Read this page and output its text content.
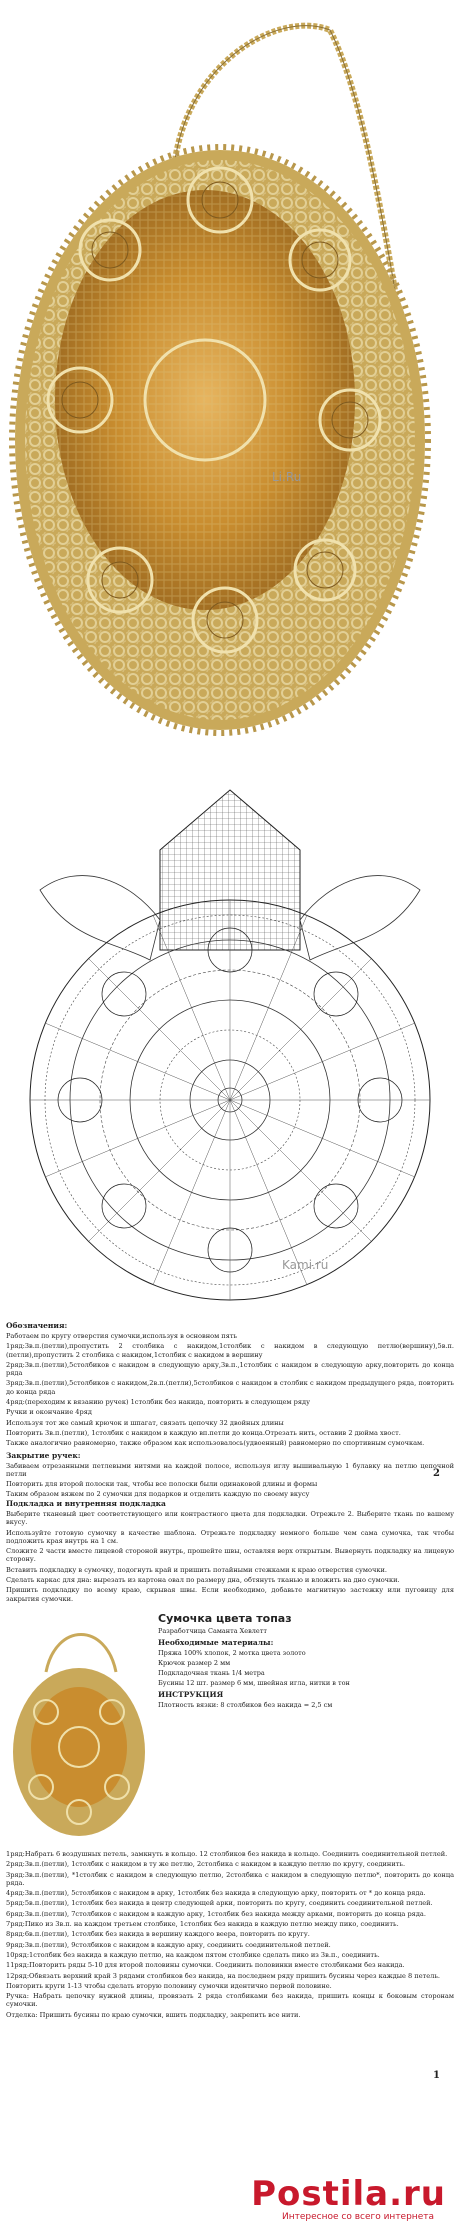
Li.Ru
Kami.ru
Обозначения:

Работаем по кругу отверстия сумочки,используя в основном пять

1ряд:3в.п.(петли),пропустить 2 столбика с накидом,1столбик с накидом в следующую петлю(вершину),5в.п.(петли),пропустить 2 столбика с накидом,1столбик с накидом в вершину

2ряд:3в.п.(петли),5столбиков с накидом в следующую арку,3в.п.,1столбик с накидом в следующую арку,повторить до конца ряда

3ряд:3в.п.(петли),5столбиков с накидом,2в.п.(петли),5столбиков с накидом в столбик с накидом предыдущего ряда, повторить до конца ряда

4ряд:(переходим к вязанию ручек) 1столбик без накида, повторить в следующем ряду

Ручки и окончание 4ряд

Используя тот же самый крючок и шпагат, связать цепочку 32 двойных длины

Повторить 3в.п.(петли), 1столбик с накидом в каждую вп.петли до конца.Отрезать нить, оставив 2 дюйма хвост.

Также аналогично равномерно, также образом как использовалось(удвоенный) равномерно по спортивным сумочкам.

Закрытие ручек:

Забиваем отрезанными петлевыми нитями на каждой полосе, используя иглу вышивальную 1 булавку на петлю цепочной петли

Повторить для второй полоски так, чтобы все полоски были одинаковой длины и формы

Таким образом вяжем по 2 сумочки для подарков и отделить каждую по своему вкусу

2
Подкладка и внутренняя подкладка

Выберите тканевый цвет соответствующего или контрастного цвета для подкладки. Отрежьте 2. Выберите ткань по вашему вкусу.

Используйте готовую сумочку в качестве шаблона. Отрежьте подкладку немного больше чем сама сумочка, так чтобы подложить края внутрь на 1 см.

Сложите 2 части вместе лицевой стороной внутрь, прошейте швы, оставляя верх открытым. Вывернуть подкладку на лицевую сторону.

Вставить подкладку в сумочку, подогнуть край и пришить потайными стежками к краю отверстия сумочки.

Сделать каркас для дна: вырезать из картона овал по размеру дна, обтянуть тканью и вложить на дно сумочки.

Пришить подкладку по всему краю, скрывая швы. Если необходимо, добавьте магнитную застежку или пуговицу для закрытия сумочки.

Сумочка цвета топаз

Разработчица Саманта Хевлетт

Необходимые материалы:

Пряжа 100% хлопок, 2 мотка цвета золото

Крючок размер 2 мм

Подкладочная ткань 1/4 метра

Бусины 12 шт. размер 6 мм, швейная игла, нитки в тон

ИНСТРУКЦИЯ

Плотность вязки: 8 столбиков без накида = 2,5 см

1ряд:Набрать 6 воздушных петель, замкнуть в кольцо. 12 столбиков без накида в кольцо. Соединить соединительной петлей.

2ряд:3в.п.(петли), 1столбик с накидом в ту же петлю, 2столбика с накидом в каждую петлю по кругу, соединить.

3ряд:3в.п.(петли), *1столбик с накидом в следующую петлю, 2столбика с накидом в следующую петлю*, повторить до конца ряда.

4ряд:3в.п.(петли), 5столбиков с накидом в арку, 1столбик без накида в следующую арку, повторить от * до конца ряда.

5ряд:5в.п.(петли), 1столбик без накида в центр следующей арки, повторить по кругу, соединить соединительной петлей.

6ряд:3в.п.(петли), 7столбиков с накидом в каждую арку, 1столбик без накида между арками, повторить до конца ряда.

7ряд:Пико из 3в.п. на каждом третьем столбике, 1столбик без накида в каждую петлю между пико, соединить.

8ряд:6в.п.(петли), 1столбик без накида в вершину каждого веера, повторить по кругу.

9ряд:3в.п.(петли), 9столбиков с накидом в каждую арку, соединить соединительной петлей.

10ряд:1столбик без накида в каждую петлю, на каждом пятом столбике сделать пико из 3в.п., соединить.

11ряд:Повторить ряды 5-10 для второй половины сумочки. Соединить половинки вместе столбиками без накида.

12ряд:Обвязать верхний край 3 рядами столбиков без накида, на последнем ряду пришить бусины через каждые 8 петель.

Повторить круги 1-13 чтобы сделать вторую половину сумочки идентично первой половине.

Ручка: Набрать цепочку нужной длины, провязать 2 ряда столбиками без накида, пришить концы к боковым сторонам сумочки.

Отделка: Пришить бусины по краю сумочки, вшить подкладку, закрепить все нити.

1
Postila.ru
Интересное со всего интернета
